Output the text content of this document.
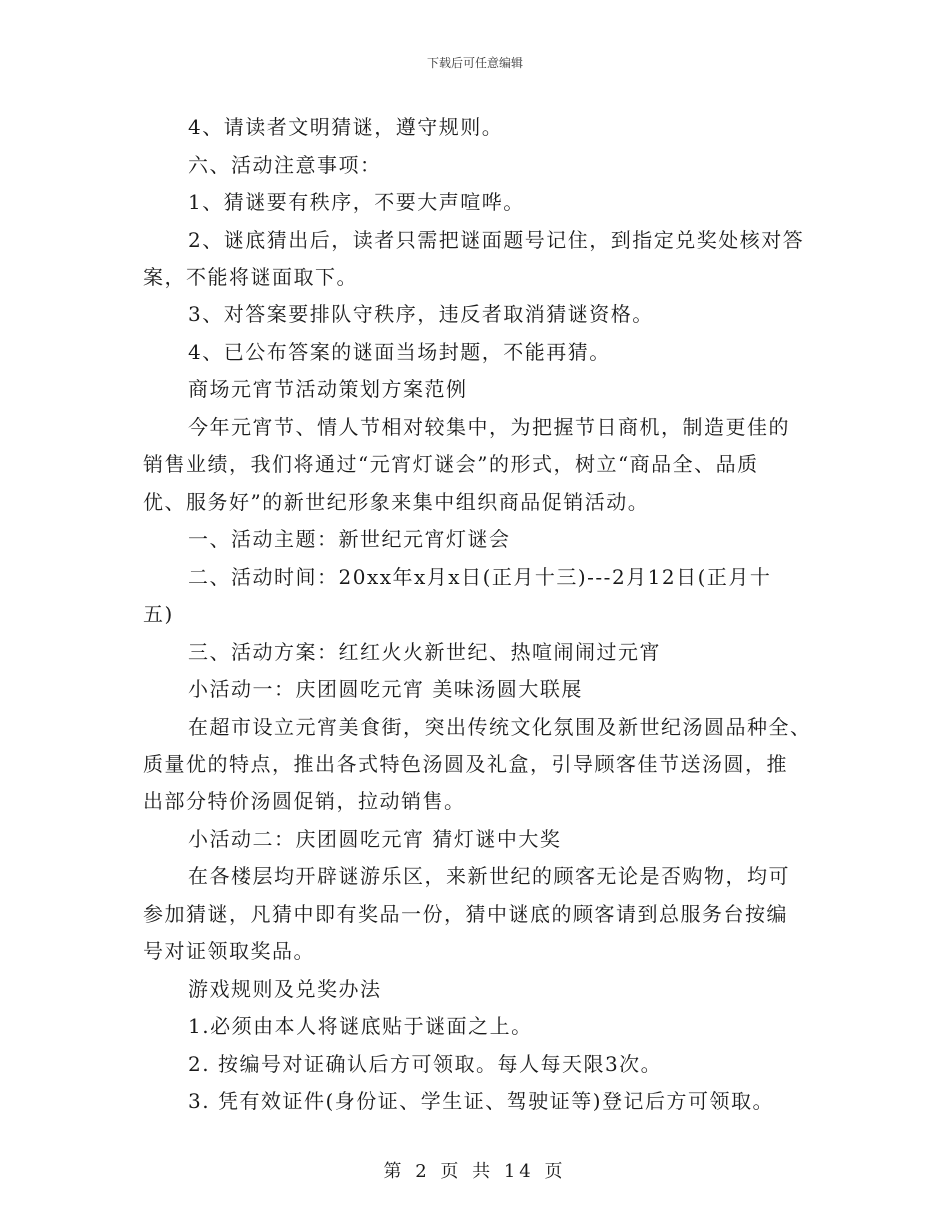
下载后可任意编辑
4、请读者文明猜谜，遵守规则。
六、活动注意事项：
1、猜谜要有秩序，不要大声喧哗。
2、谜底猜出后，读者只需把谜面题号记住，到指定兑奖处核对答
案，不能将谜面取下。
3、对答案要排队守秩序，违反者取消猜谜资格。
4、已公布答案的谜面当场封题，不能再猜。
商场元宵节活动策划方案范例
今年元宵节、情人节相对较集中，为把握节日商机，制造更佳的
销售业绩，我们将通过“元宵灯谜会”的形式，树立“商品全、品质
优、服务好”的新世纪形象来集中组织商品促销活动。
一、活动主题：新世纪元宵灯谜会
二、活动时间：20xx年x月x日(正月十三)---2月12日(正月十
五)
三、活动方案：红红火火新世纪、热喧闹闹过元宵
小活动一：庆团圆吃元宵 美味汤圆大联展
在超市设立元宵美食街，突出传统文化氛围及新世纪汤圆品种全、
质量优的特点，推出各式特色汤圆及礼盒，引导顾客佳节送汤圆，推
出部分特价汤圆促销，拉动销售。
小活动二：庆团圆吃元宵 猜灯谜中大奖
在各楼层均开辟谜游乐区，来新世纪的顾客无论是否购物，均可
参加猜谜，凡猜中即有奖品一份，猜中谜底的顾客请到总服务台按编
号对证领取奖品。
游戏规则及兑奖办法
1.必须由本人将谜底贴于谜面之上。
2. 按编号对证确认后方可领取。每人每天限3次。
3. 凭有效证件(身份证、学生证、驾驶证等)登记后方可领取。
第 2 页 共 14 页
